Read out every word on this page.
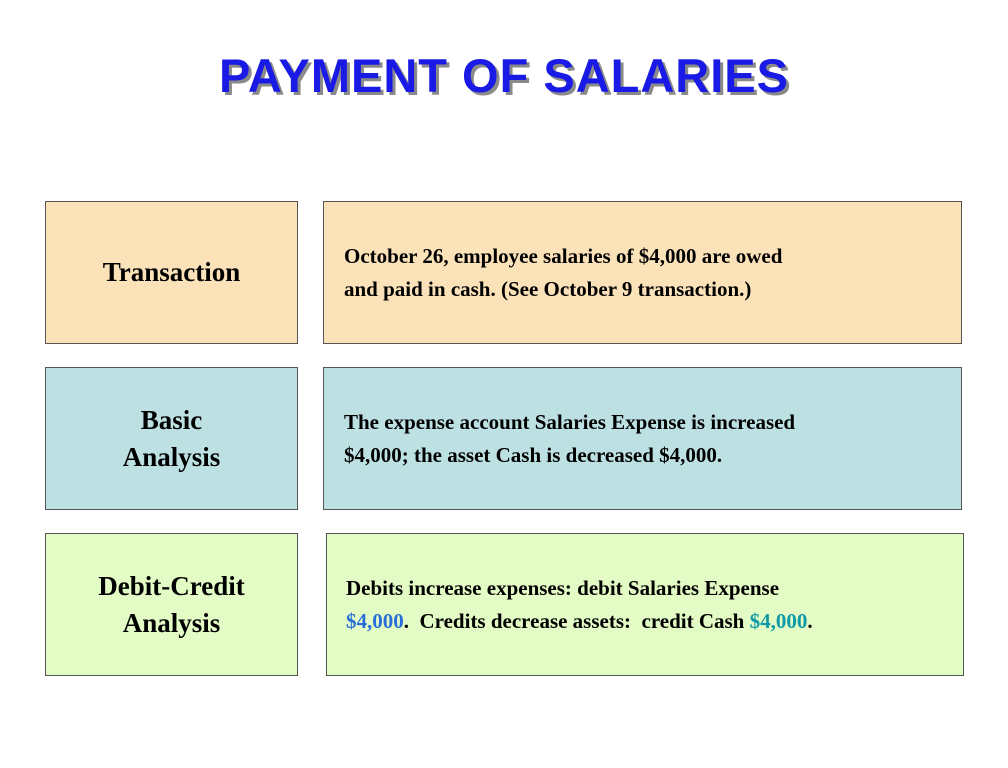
PAYMENT OF SALARIES
Transaction
October 26, employee salaries of $4,000 are owed
and paid in cash. (See October 9 transaction.)
Basic
Analysis
The expense account Salaries Expense is increased
$4,000; the asset Cash is decreased $4,000.
Debit-Credit
Analysis
Debits increase expenses: debit Salaries Expense
$4,000.  Credits decrease assets:  credit Cash $4,000.
